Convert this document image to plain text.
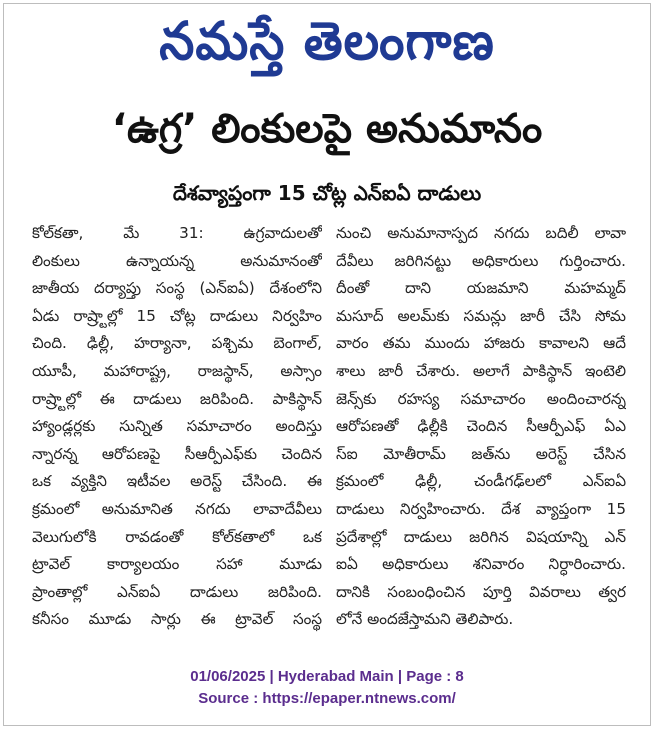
నమస్తే తెలంగాణ
‘ఉగ్ర’ లింకులపై అనుమానం
దేశవ్యాప్తంగా 15 చోట్ల ఎన్ఐఏ దాడులు
కోల్‌కతా, మే 31: ఉగ్రవాదులతో
లింకులు ఉన్నాయన్న అనుమానంతో
జాతీయ దర్యాప్తు సంస్థ (ఎన్ఐఏ) దేశంలోని
ఏడు రాష్ర్టాల్లో 15 చోట్ల దాడులు నిర్వహిం
చింది. ఢిల్లీ, హర్యానా, పశ్చిమ బెంగాల్,
యూపీ, మహారాష్ట్ర, రాజస్థాన్, అస్సాం
రాష్ర్టాల్లో ఈ దాడులు జరిపింది. పాకిస్థాన్
హ్యాండ్లర్లకు సున్నిత సమాచారం అందిస్తు
న్నారన్న ఆరోపణపై సీఆర్పీఎఫ్‌కు చెందిన
ఒక వ్యక్తిని ఇటీవల అరెస్ట్ చేసింది. ఈ
క్రమంలో అనుమానిత నగదు లావాదేవీలు
వెలుగులోకి రావడంతో కోల్‌కతాలో ఒక
ట్రావెల్ కార్యాలయం సహా మూడు
ప్రాంతాల్లో ఎన్ఐఏ దాడులు జరిపింది.
కనీసం మూడు సార్లు ఈ ట్రావెల్ సంస్థ
నుంచి అనుమానాస్పద నగదు బదిలీ లావా
దేవీలు జరిగినట్టు అధికారులు గుర్తించారు.
దీంతో దాని యజమాని మహమ్మద్
మసూద్ అలమ్‌కు సమన్లు జారీ చేసి సోమ
వారం తమ ముందు హాజరు కావాలని ఆదే
శాలు జారీ చేశారు. అలాగే పాకిస్థాన్ ఇంటెలి
జెన్స్‌కు రహస్య సమాచారం అందించారన్న
ఆరోపణతో ఢిల్లీకి చెందిన సీఆర్పీఎఫ్ ఏఎ
స్ఐ మోతీరామ్ జత్‌ను అరెస్ట్ చేసిన
క్రమంలో ఢిల్లీ, చండీగఢ్‌లలో ఎన్ఐఏ
దాడులు నిర్వహించారు. దేశ వ్యాప్తంగా 15
ప్రదేశాల్లో దాడులు జరిగిన విషయాన్ని ఎన్
ఐఏ అధికారులు శనివారం నిర్ధారించారు.
దానికి సంబంధించిన పూర్తి వివరాలు త్వర
లోనే అందజేస్తామని తెలిపారు.
01/06/2025 | Hyderabad Main | Page : 8
Source : https://epaper.ntnews.com/
